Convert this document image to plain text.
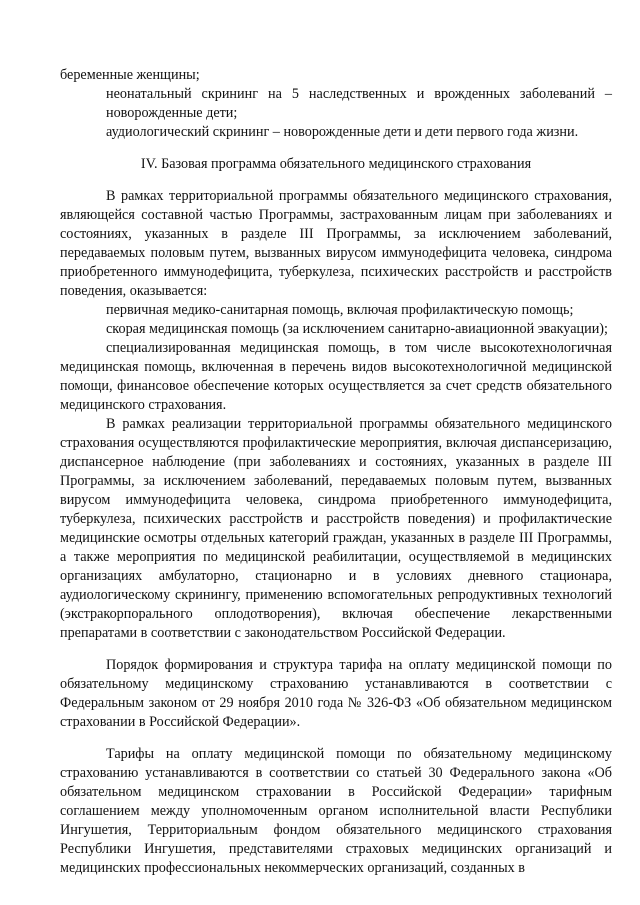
беременные женщины;

неонатальный скрининг на 5 наследственных и врожденных заболеваний – новорожденные дети;

аудиологический скрининг – новорожденные дети и дети первого года жизни.

IV. Базовая программа обязательного медицинского страхования

В рамках территориальной программы обязательного медицинского страхования, являющейся составной частью Программы, застрахованным лицам при заболеваниях и состояниях, указанных в разделе III Программы, за исключением заболеваний, передаваемых половым путем, вызванных вирусом иммунодефицита человека, синдрома приобретенного иммунодефицита, туберкулеза, психических расстройств и расстройств поведения, оказывается:

первичная медико-санитарная помощь, включая профилактическую помощь;

скорая медицинская помощь (за исключением санитарно-авиационной эвакуации);

специализированная медицинская помощь, в том числе высокотехнологичная медицинская помощь, включенная в перечень видов высокотехнологичной медицинской помощи, финансовое обеспечение которых осуществляется за счет средств обязательного медицинского страхования.

В рамках реализации территориальной программы обязательного медицинского страхования осуществляются профилактические мероприятия, включая диспансеризацию, диспансерное наблюдение (при заболеваниях и состояниях, указанных в разделе III Программы, за исключением заболеваний, передаваемых половым путем, вызванных вирусом иммунодефицита человека, синдрома приобретенного иммунодефицита, туберкулеза, психических расстройств и расстройств поведения) и профилактические медицинские осмотры отдельных категорий граждан, указанных в разделе III Программы, а также мероприятия по медицинской реабилитации, осуществляемой в медицинских организациях амбулаторно, стационарно и в условиях дневного стационара, аудиологическому скринингу, применению вспомогательных репродуктивных технологий (экстракорпорального оплодотворения), включая обеспечение лекарственными препаратами в соответствии с законодательством Российской Федерации.

Порядок формирования и структура тарифа на оплату медицинской помощи по обязательному медицинскому страхованию устанавливаются в соответствии с Федеральным законом от 29 ноября 2010 года № 326-ФЗ «Об обязательном медицинском страховании в Российской Федерации».

Тарифы на оплату медицинской помощи по обязательному медицинскому страхованию устанавливаются в соответствии со статьей 30 Федерального закона «Об обязательном медицинском страховании в Российской Федерации» тарифным соглашением между уполномоченным органом исполнительной власти Республики Ингушетия, Территориальным фондом обязательного медицинского страхования Республики Ингушетия, представителями страховых медицинских организаций и медицинских профессиональных некоммерческих организаций, созданных в
